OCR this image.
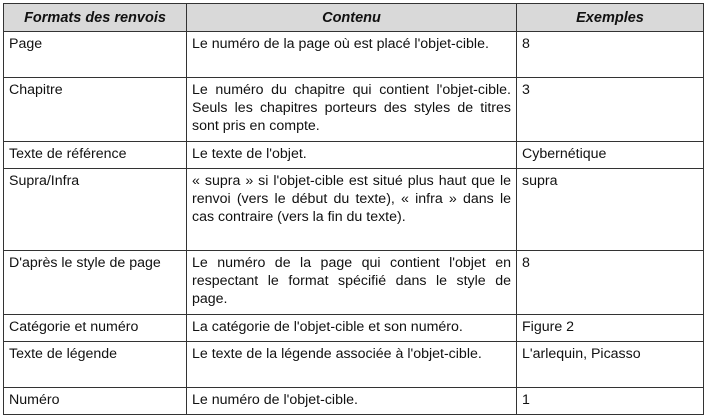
Formats des renvois	Contenu	Exemples
Page	Le numéro de la page où est placé l'objet-cible.	8
Chapitre	Le numéro du chapitre qui contient l'objet-cible. Seuls les chapitres porteurs des styles de titres sont pris en compte.	3
Texte de référence	Le texte de l'objet.	Cybernétique
Supra/Infra	« supra » si l'objet-cible est situé plus haut que le renvoi (vers le début du texte), « infra » dans le cas contraire (vers la fin du texte).	supra
D'après le style de page	Le numéro de la page qui contient l'objet en respectant le format spécifié dans le style de page.	8
Catégorie et numéro	La catégorie de l'objet-cible et son numéro.	Figure 2
Texte de légende	Le texte de la légende associée à l'objet-cible.	L'arlequin, Picasso
Numéro	Le numéro de l'objet-cible.	1
